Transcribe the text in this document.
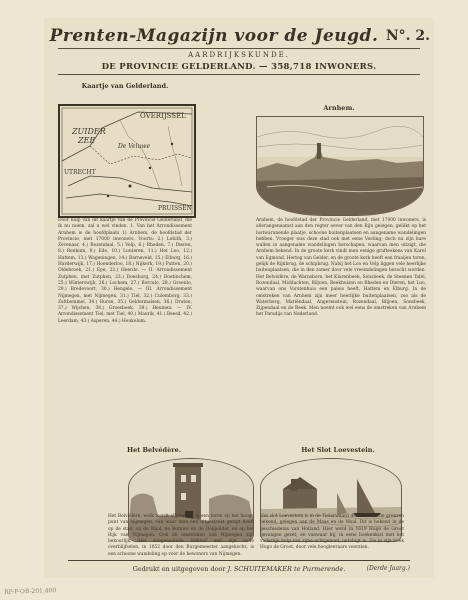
Prenten-Magazijn voor de Jeugd. N°. 2.
AARDRIJKSKUNDE.
DE PROVINCIE GELDERLAND. — 358,718 INWONERS.
Kaartje van Gelderland.
ZUIDER
ZEE
OVERIJSSEL
UTRECHT
De Veluwe
PRUISSEN
Door hulp van dit kaartje van de Provincie Gelderland, die ik nu noem, zal u wel vinden. 1. Van het Arrondissement Arnhem is de hoofdplaats 1) Arnhem, de hoofdstad der Provincie, met 17000 inwoners. Voorts: 2.) Lobith, 3.) Zevenaar, 4.) Rozendaal, 5.) Velp, 6.) Rheden, 7.) Dieren, 8.) Renkum, 9.) Ede, 10.) Lunteren, 11.) Het Loo, 12.) Hattem, 13.) Wageningen, 14.) Barneveld, 15.) Elburg, 16.) Harderwijk, 17.) Hoenderloo, 18.) Nijkerk, 19.) Putten, 20.) Oldebroek, 21.) Epe, 22.) Heerde. — II. Arrondissement Zutphen, met Zutphen, 23.) Doesburg, 24.) Doetinchem, 25.) Winterswijk, 26.) Lochem, 27.) Borculo, 28.) Groenlo, 29.) Bredevoort, 30.) Hengelo. — III. Arrondissement Nijmegen, met Nijmegen, 31.) Tiel, 32.) Culemborg, 33.) Zaltbommel, 34.) Buren, 35.) Geldermalsen, 36.) Druten, 37.) Wijchen, 38.) Groesbeek, 39.) Heumen. — IV. Arrondissement Tiel, met Tiel, 40.) Maurik, 41.) Beesd, 42.) Leerdam, 43.) Asperen, 44.) Heukelum.
Arnhem.
Arnhem, de hoofdstad der Provincie Gelderland, met 17000 inwoners, is allerangenaamst aan den regter oever van den Rijn gelegen, geliikt op het lustwaranende plaatje, schoone buitenplaatsen en aangename wandelingen hebben. Vroeger was deze stad ook met eene Vesting; doch nu zijn hare wallen in aangename wandelingen herschapen, waarvan men uitzigt, die Arnhem bekend. In de groote kerk vindt men eenige grafteekens van Karel van Egmond, Hertog van Gelder, en de groote kerk heeft een fraaijen toren, gelijk de Rijnbrug, de schipbrug. Nabij het Loo en Velp liggen vele heerlijke buitenplaatsen, die in den zomer door vele vreemdelingen bezocht worden. Het Belvédère, de Warnsborn, het Klarenbeek, Sonsbeek, de Steenen Tafel, Rozendaal, Middachten, Biljoen, Beekhuizen en Rheden en Dieren, het Loo, waarvan ons Vorstenhuis een paleis heeft, Hattem en Elburg. In de omstreken van Arnhem zijn meer heerlijke buitenplaatsen, zoo als de Waterberg, Mariëndaal, Angerenstein, Rozendaal, Biljoen, Sonsbeek, Zijpendaal en de Beek. Men noemt ook wel eens de omstreken van Arnhem het Paradijs van Nederland.
Het Belvédère.
Het Belvédère, welk wordt afgebeeld, is een toren op het hooge punt van Nijmegen, van waar men een uitgestrekt gezigt heeft op de stad, op de Waal, de Betuwe en de Ooijpolder, en op het Rijk van Nijmegen. Ook de omstreken van Nijmegen zijn bekoorlijk. Het zoogenaamde Valkhof met zijn oude overblijfselen, in 1852 door den Burgemeester aangekocht, is een schoone wandeling op voor de bewoners van Nijmegen.
Het Slot Loevestein.
Het slot Loevestein is in de Tielerwaard der Geldersche grenzen bekend, gelegen aan de Maas en de Waal. Dit is bekend in de geschiedenis van Holland. Hier werd in 1619 Hugo de Groot gevangen gezet; en vanwaar hij, in eene boekenkist met het vaderlijk hulp van zijne echtgenoot, ontvlugt is. Zie in zijn boek Hugo de Groot, door vele hoogleeraars voorzien.
Gedrukt en uitgegeven door J. SCHUITEMAKER te Purmerende.	(Derde Jaarg.)
RP-P-OB-201.400
